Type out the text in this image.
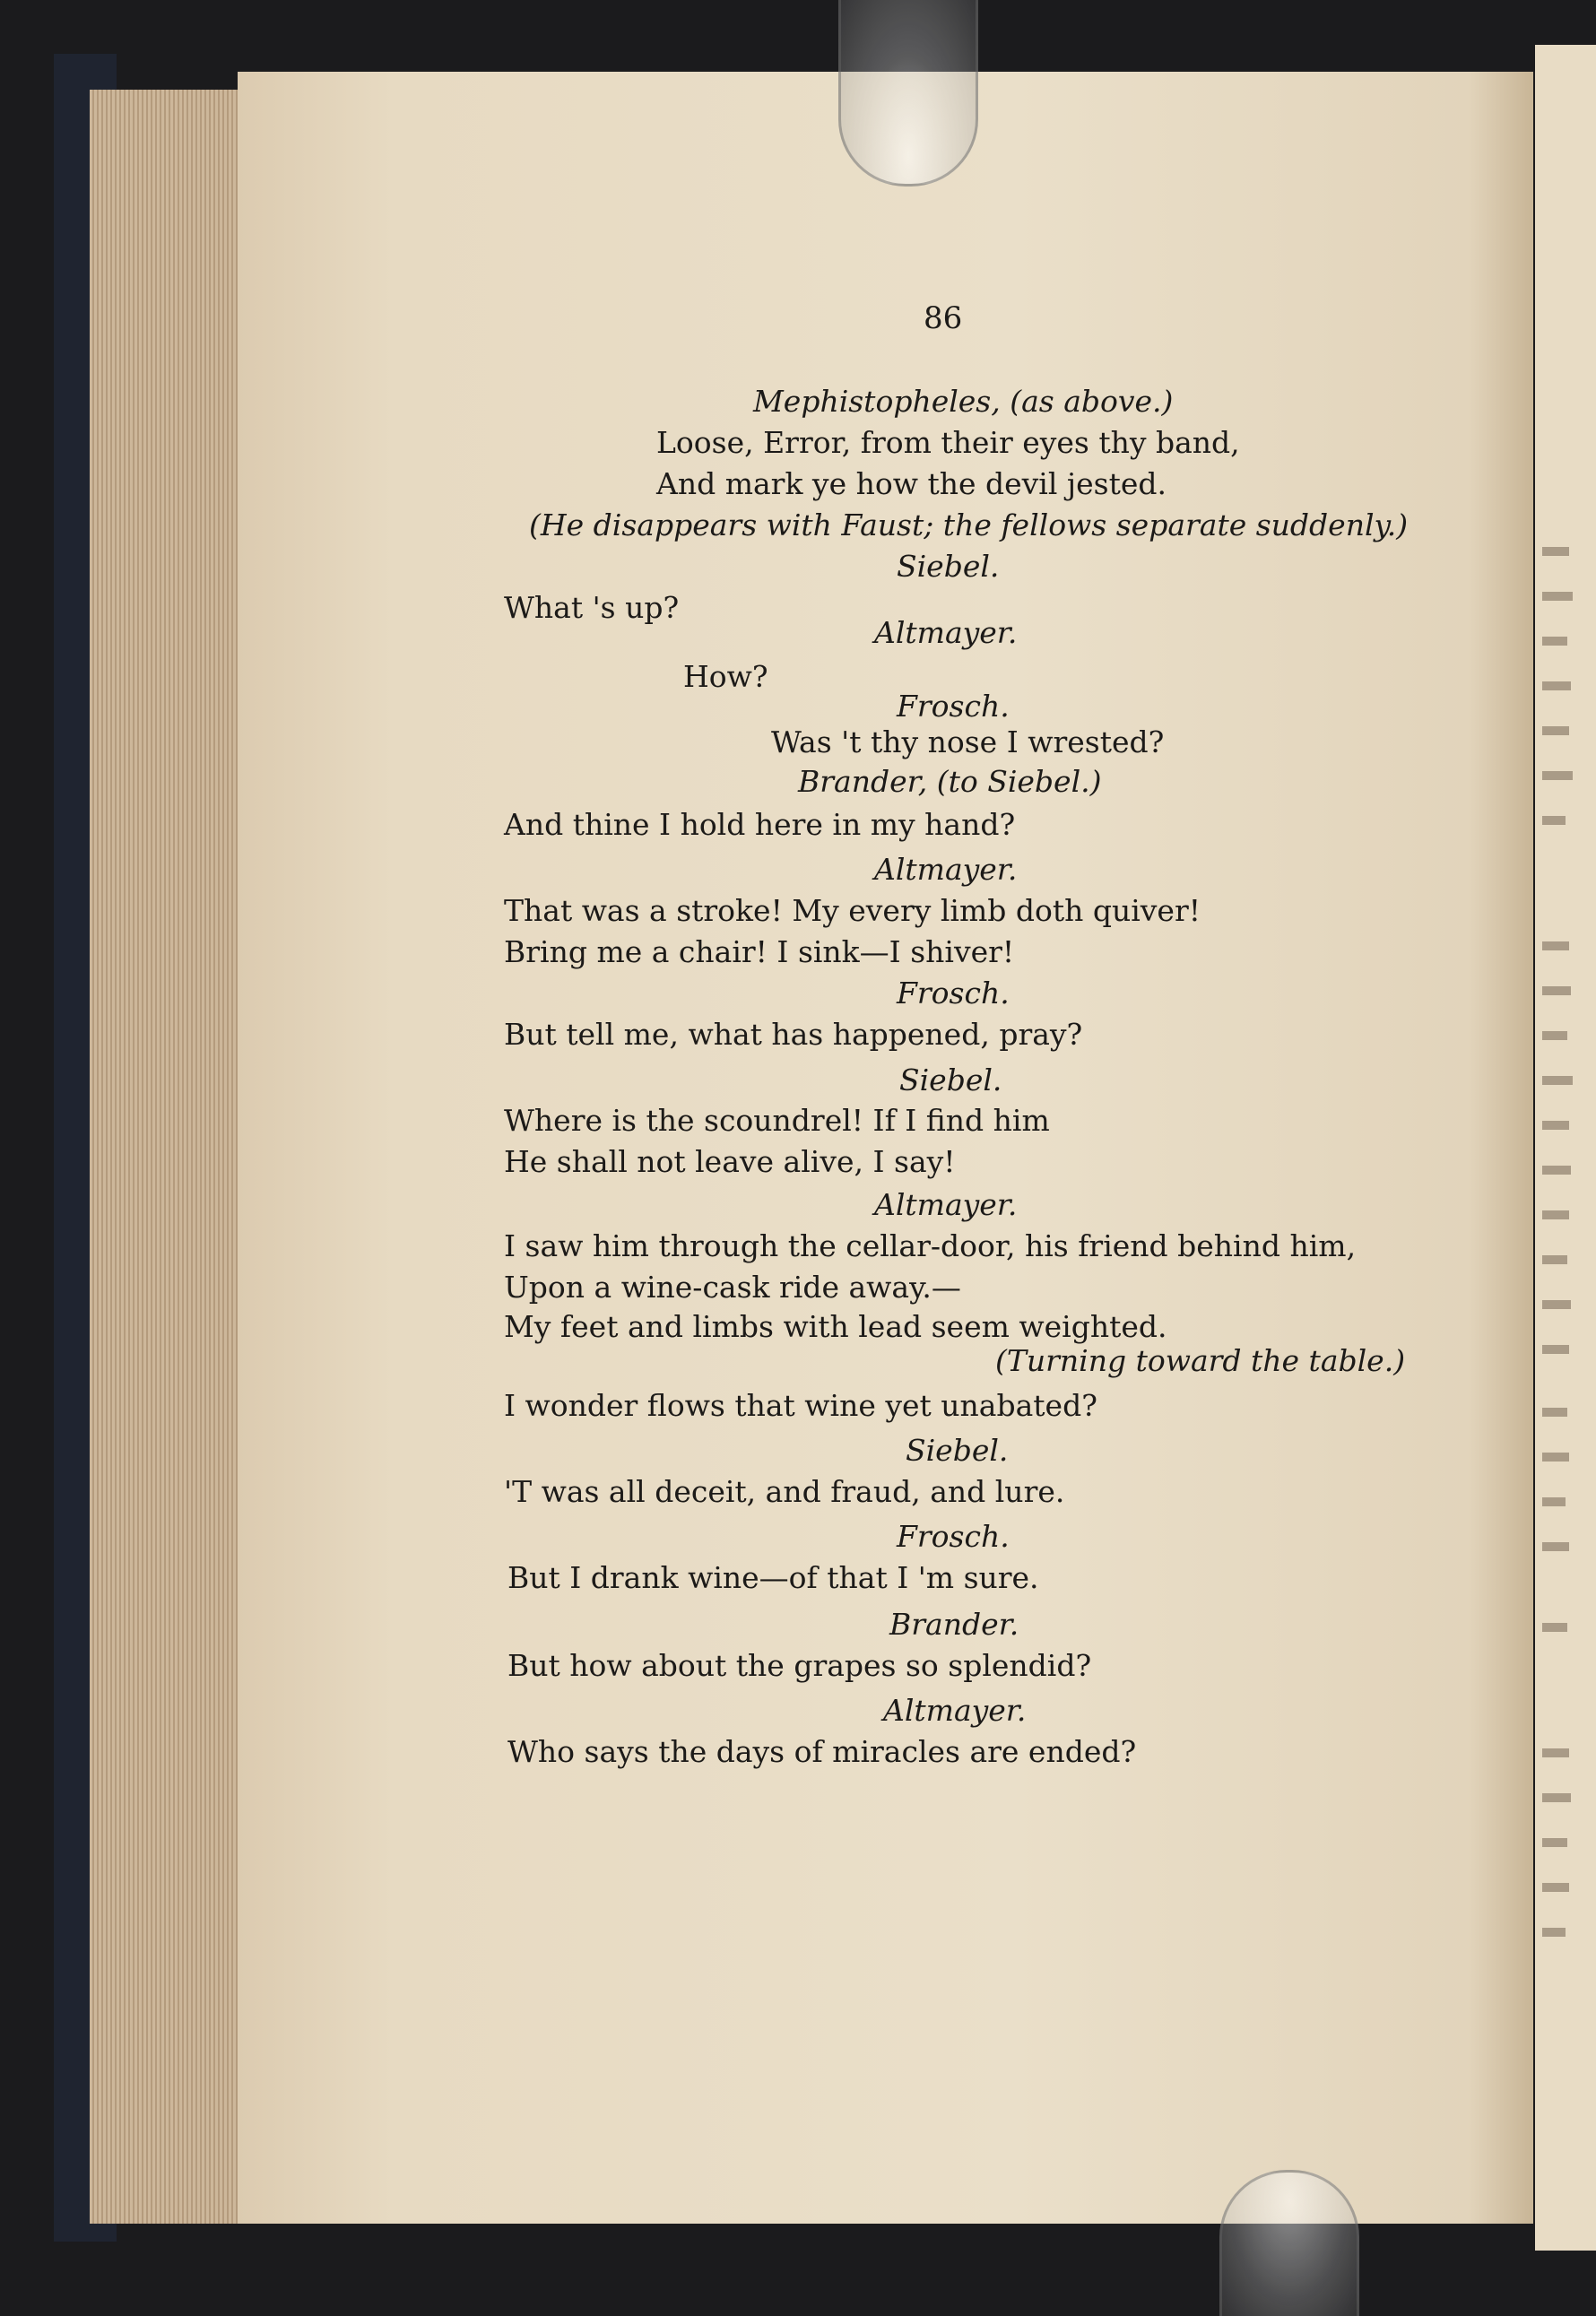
86
Mephistopheles, (as above.)
Loose, Error, from their eyes thy band,
And mark ye how the devil jested.
(He disappears with Faust; the fellows separate suddenly.)
Siebel.
What 's up?
Altmayer.
How?
Frosch.
Was 't thy nose I wrested?
Brander, (to Siebel.)
And thine I hold here in my hand?
Altmayer.
That was a stroke! My every limb doth quiver!
Bring me a chair! I sink—I shiver!
Frosch.
But tell me, what has happened, pray?
Siebel.
Where is the scoundrel! If I find him
He shall not leave alive, I say!
Altmayer.
I saw him through the cellar-door, his friend behind him,
Upon a wine-cask ride away.—
My feet and limbs with lead seem weighted.
(Turning toward the table.)
I wonder flows that wine yet unabated?
Siebel.
'T was all deceit, and fraud, and lure.
Frosch.
But I drank wine—of that I 'm sure.
Brander.
But how about the grapes so splendid?
Altmayer.
Who says the days of miracles are ended?
